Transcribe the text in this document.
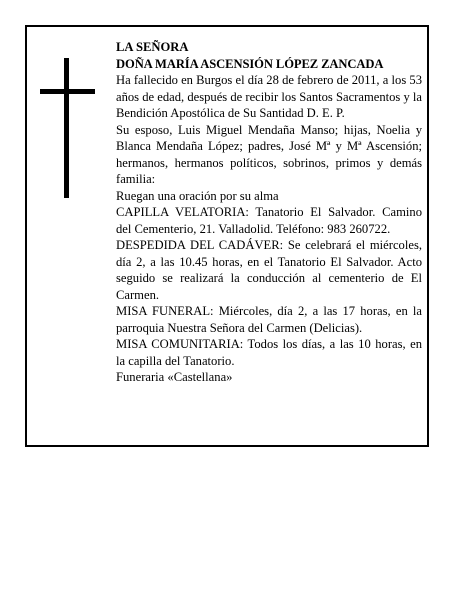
LA SEÑORA

DOÑA MARÍA ASCENSIÓN LÓPEZ ZANCADA

Ha fallecido en Burgos el día 28 de febrero de 2011, a los 53 años de edad, después de recibir los Santos Sacramentos y la Bendición Apostólica de Su Santidad D. E. P.

Su esposo, Luis Miguel Mendaña Manso; hijas, Noelia y Blanca Mendaña López; padres, José Mª y Mª Ascensión; hermanos, hermanos políticos, sobrinos, primos y demás familia:

Ruegan una oración por su alma

CAPILLA VELATORIA: Tanatorio El Salvador. Camino del Cementerio, 21. Valladolid. Teléfono: 983 260722.

DESPEDIDA DEL CADÁVER: Se celebrará el miércoles, día 2, a las 10.45 horas, en el Tanatorio El Salvador. Acto seguido se realizará la conducción al cementerio de El Carmen.

MISA FUNERAL: Miércoles, día 2, a las 17 horas, en la parroquia Nuestra Señora del Carmen (Delicias).

MISA COMUNITARIA: Todos los días, a las 10 horas, en la capilla del Tanatorio.

Funeraria «Castellana»
